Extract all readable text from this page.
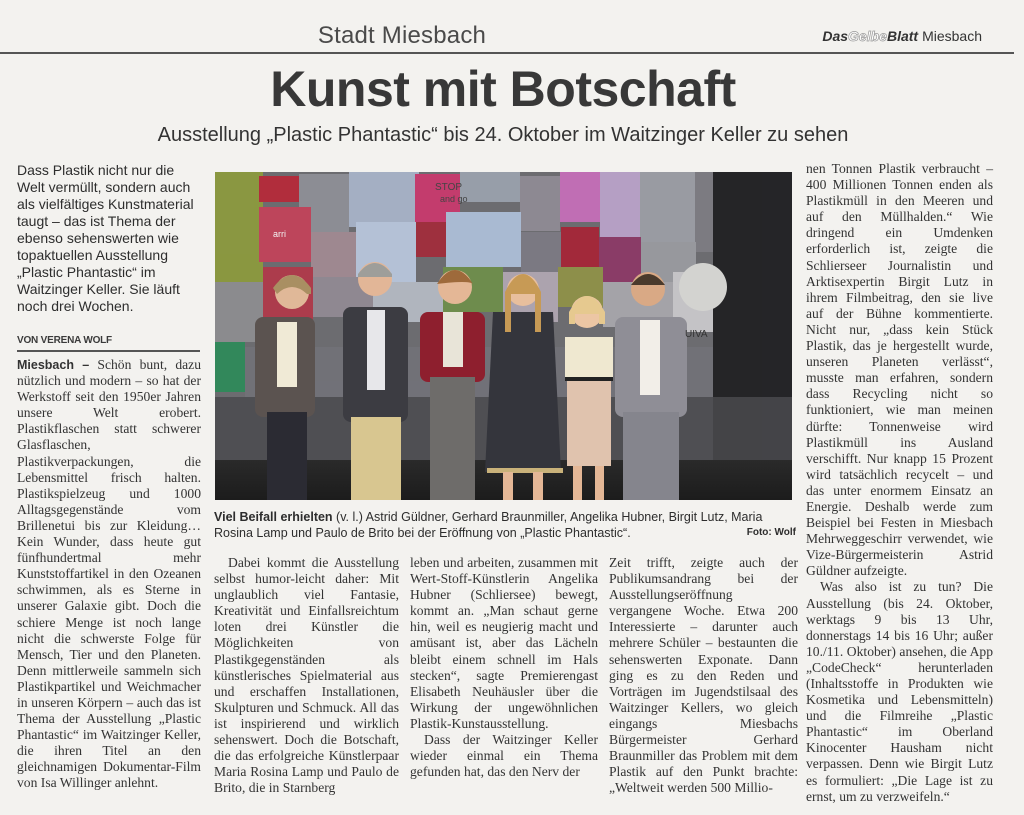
Stadt Miesbach	DasGelbeBlatt Miesbach
Kunst mit Botschaft
Ausstellung „Plastic Phantastic“ bis 24. Oktober im Waitzinger Keller zu sehen
Dass Plastik nicht nur die Welt vermüllt, sondern auch als vielfältiges Kunstmaterial taugt – das ist Thema der ebenso sehenswerten wie topaktuellen Ausstellung „Plastic Phantastic“ im Waitzinger Keller. Sie läuft noch drei Wochen.
VON VERENA WOLF

Miesbach – Schön bunt, dazu nützlich und modern – so hat der Werkstoff seit den 1950er Jahren unsere Welt erobert. Plastikflaschen statt schwerer Glasflaschen, Plastikverpackungen, die Lebensmittel frisch halten. Plastikspielzeug und 1000 Alltagsgegenstände vom Brillenetui bis zur Kleidung… Kein Wunder, dass heute gut fünfhundertmal mehr Kunststoffartikel in den Ozeanen schwimmen, als es Sterne in unserer Galaxie gibt. Doch die schiere Menge ist noch lange nicht die schwerste Folge für Mensch, Tier und den Planeten. Denn mittlerweile sammeln sich Plastikpartikel und Weichmacher in unseren Körpern – auch das ist Thema der Ausstellung „Plastic Phantastic“ im Waitzinger Keller, die ihren Titel an den gleichnamigen Dokumentar-Film von Isa Willinger anlehnt.

STOP
and go
arri
UIVA
Viel Beifall erhielten (v. l.) Astrid Güldner, Gerhard Braunmiller, Angelika Hubner, Birgit Lutz, Maria Rosina Lamp und Paulo de Brito bei der Eröffnung von „Plastic Phantastic“.	Foto: Wolf

Dabei kommt die Ausstellung selbst humor-leicht daher: Mit unglaublich viel Fantasie, Kreativität und Einfallsreichtum loten drei Künstler die Möglichkeiten von Plastikgegenständen als künstlerisches Spielmaterial aus und erschaffen Installationen, Skulpturen und Schmuck. All das ist inspirierend und wirklich sehenswert. Doch die Botschaft, die das erfolgreiche Künstlerpaar Maria Rosina Lamp und Paulo de Brito, die in Starnberg

leben und arbeiten, zusammen mit Wert-Stoff-Künstlerin Angelika Hubner (Schliersee) bewegt, kommt an. „Man schaut gerne hin, weil es neugierig macht und amüsant ist, aber das Lächeln bleibt einem schnell im Hals stecken“, sagte Premierengast Elisabeth Neuhäusler über die Wirkung der ungewöhnlichen Plastik-Kunstausstellung.

Dass der Waitzinger Keller wieder einmal ein Thema gefunden hat, das den Nerv der

Zeit trifft, zeigte auch der Publikumsandrang bei der Ausstellungseröffnung vergangene Woche. Etwa 200 Interessierte – darunter auch mehrere Schüler – bestaunten die sehenswerten Exponate. Dann ging es zu den Reden und Vorträgen im Jugendstilsaal des Waitzinger Kellers, wo gleich eingangs Miesbachs Bürgermeister Gerhard Braunmiller das Problem mit dem Plastik auf den Punkt brachte: „Weltweit werden 500 Millio-

nen Tonnen Plastik verbraucht – 400 Millionen Tonnen enden als Plastikmüll in den Meeren und auf den Müllhalden.“ Wie dringend ein Umdenken erforderlich ist, zeigte die Schlierseer Journalistin und Arktisexpertin Birgit Lutz in ihrem Filmbeitrag, den sie live auf der Bühne kommentierte. Nicht nur, „dass kein Stück Plastik, das je hergestellt wurde, unseren Planeten verlässt“, musste man erfahren, sondern dass Recycling nicht so funktioniert, wie man meinen dürfte: Tonnenweise wird Plastikmüll ins Ausland verschifft. Nur knapp 15 Prozent wird tatsächlich recycelt – und das unter enormem Einsatz an Energie. Deshalb werde zum Beispiel bei Festen in Miesbach Mehrweggeschirr verwendet, wie Vize-Bürgermeisterin Astrid Güldner aufzeigte.

Was also ist zu tun? Die Ausstellung (bis 24. Oktober, werktags 9 bis 13 Uhr, donnerstags 14 bis 16 Uhr; außer 10./11. Oktober) ansehen, die App „CodeCheck“ herunterladen (Inhaltsstoffe in Produkten wie Kosmetika und Lebensmitteln) und die Filmreihe „Plastic Phantastic“ im Oberland Kinocenter Hausham nicht verpassen. Denn wie Birgit Lutz es formuliert: „Die Lage ist zu ernst, um zu verzweifeln.“
